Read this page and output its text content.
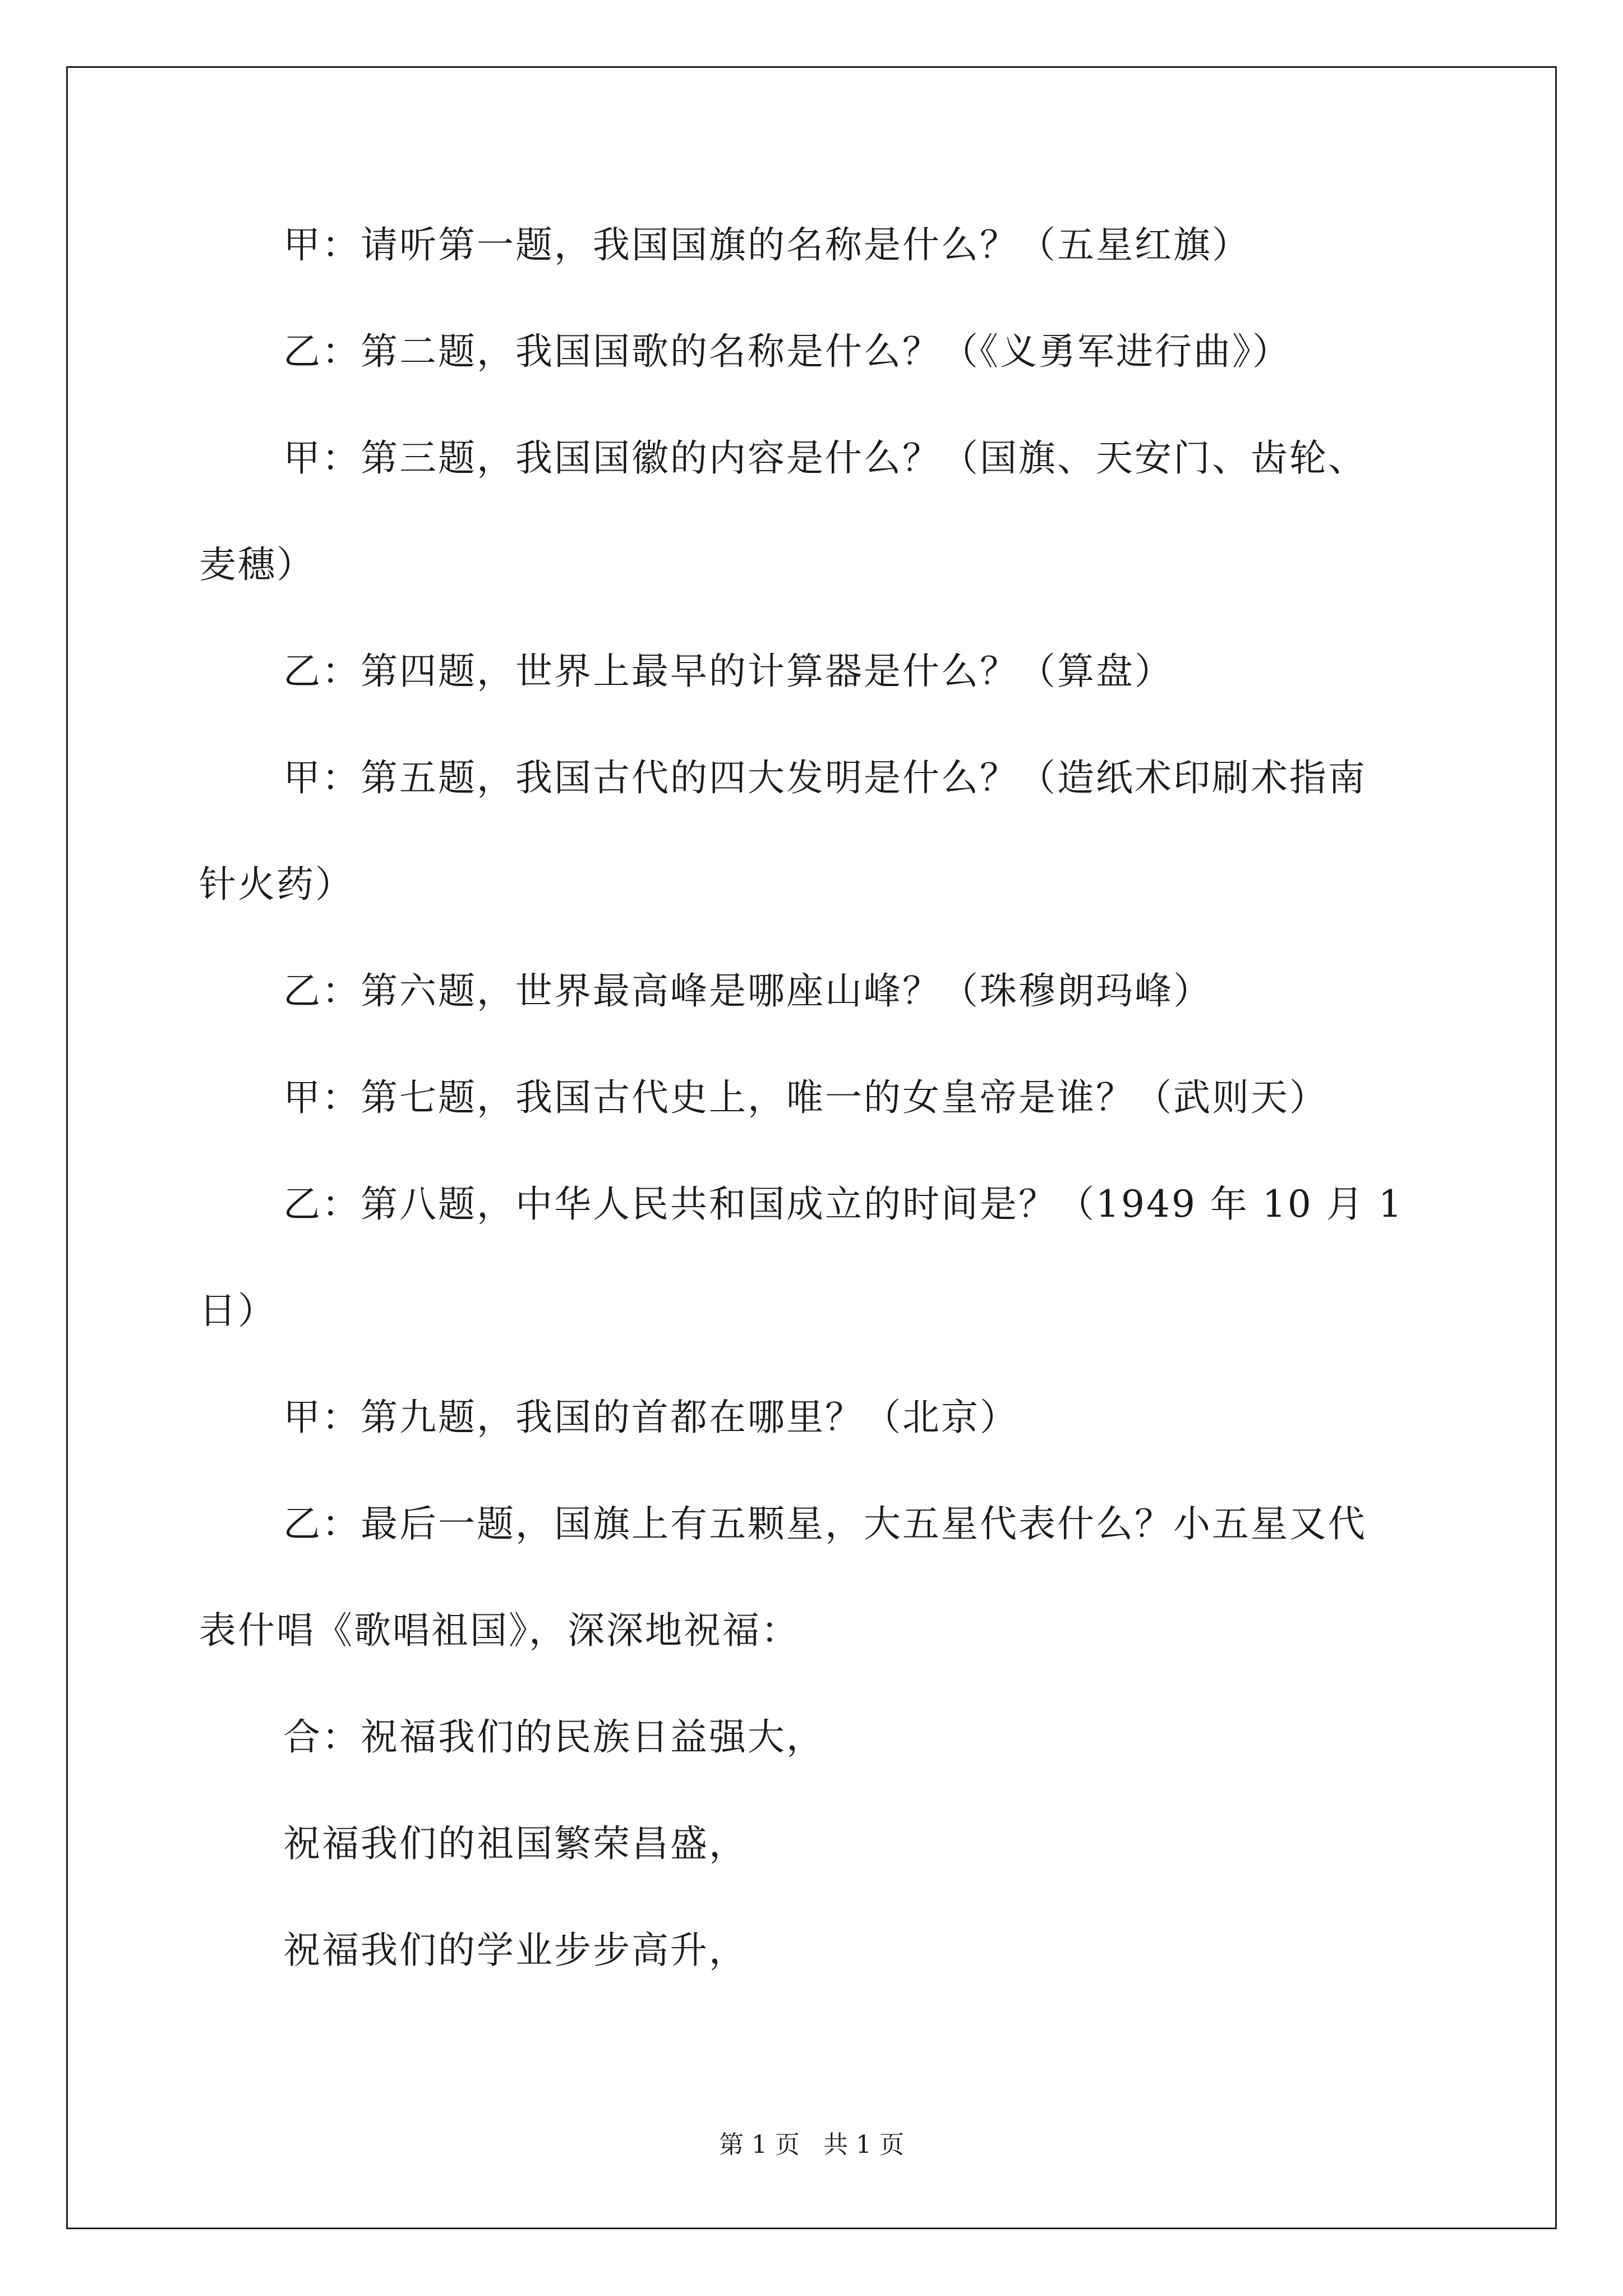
甲：请听第一题，我国国旗的名称是什么？（五星红旗）

乙：第二题，我国国歌的名称是什么？（《义勇军进行曲》）

甲：第三题，我国国徽的内容是什么？（国旗、天安门、齿轮、

麦穗）

乙：第四题，世界上最早的计算器是什么？（算盘）

甲：第五题，我国古代的四大发明是什么？（造纸术印刷术指南

针火药）

乙：第六题，世界最高峰是哪座山峰？（珠穆朗玛峰）

甲：第七题，我国古代史上，唯一的女皇帝是谁？（武则天）

乙：第八题，中华人民共和国成立的时间是？（1949 年 10 月 1

日）

甲：第九题，我国的首都在哪里？（北京）

乙：最后一题，国旗上有五颗星，大五星代表什么？小五星又代

表什唱《歌唱祖国》，深深地祝福：

合：祝福我们的民族日益强大，

祝福我们的祖国繁荣昌盛，

祝福我们的学业步步高升，

第 1 页   共 1 页
